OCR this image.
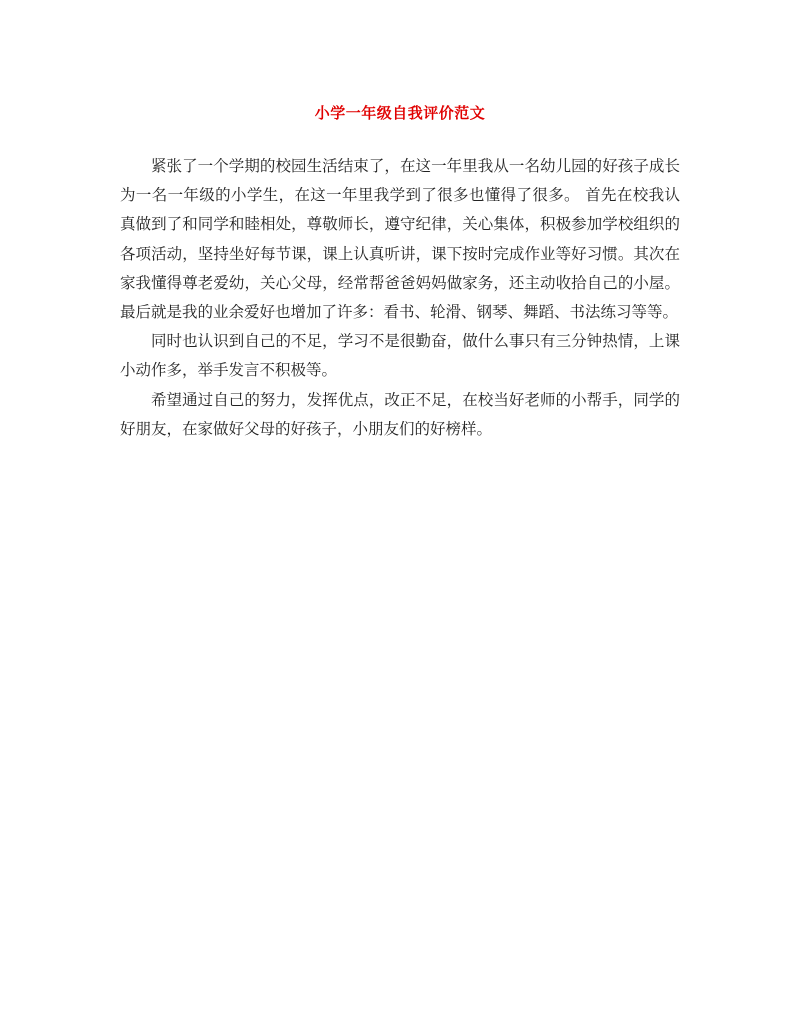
小学一年级自我评价范文

紧张了一个学期的校园生活结束了，在这一年里我从一名幼儿园的好孩子成长为一名一年级的小学生，在这一年里我学到了很多也懂得了很多。 首先在校我认真做到了和同学和睦相处，尊敬师长，遵守纪律，关心集体，积极参加学校组织的各项活动，坚持坐好每节课，课上认真听讲，课下按时完成作业等好习惯。其次在家我懂得尊老爱幼，关心父母，经常帮爸爸妈妈做家务，还主动收拾自己的小屋。最后就是我的业余爱好也增加了许多：看书、轮滑、钢琴、舞蹈、书法练习等等。

同时也认识到自己的不足，学习不是很勤奋，做什么事只有三分钟热情，上课小动作多，举手发言不积极等。

希望通过自己的努力，发挥优点，改正不足，在校当好老师的小帮手，同学的好朋友，在家做好父母的好孩子，小朋友们的好榜样。
